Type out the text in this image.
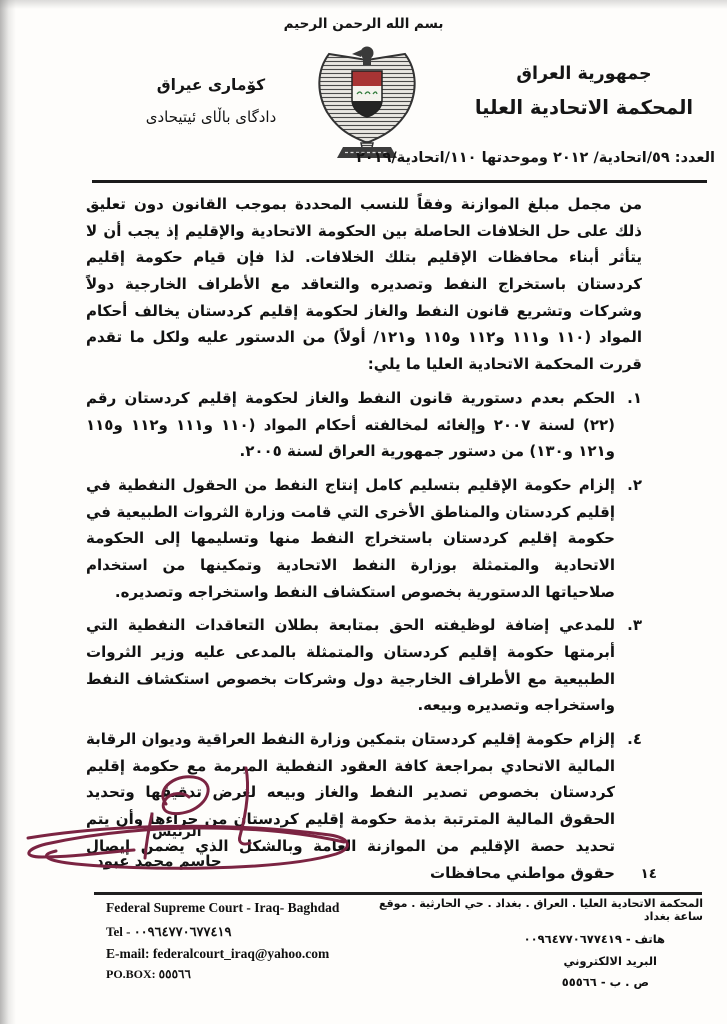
بسم الله الرحمن الرحيم
جمهورية العراق
المحكمة الاتحادية العليا
كۆمارى عيراق
دادگاى باڵاى ئيتيحادى
العدد: ٥٩/اتحادية/ ٢٠١٢ وموحدتها ١١٠/اتحادية/٢٠١٩
من مجمل مبلغ الموازنة وفقاً للنسب المحددة بموجب القانون دون تعليق ذلك على حل الخلافات الحاصلة بين الحكومة الاتحادية والإقليم إذ يجب أن لا يتأثر أبناء محافظات الإقليم بتلك الخلافات. لذا فإن قيام حكومة إقليم كردستان باستخراج النفط وتصديره والتعاقد مع الأطراف الخارجية دولاً وشركات وتشريع قانون النفط والغاز لحكومة إقليم كردستان يخالف أحكام المواد (١١٠ و١١١ و١١٢ و١١٥ و١٢١/ أولاً) من الدستور عليه ولكل ما تقدم قررت المحكمة الاتحادية العليا ما يلي:
١.
الحكم بعدم دستورية قانون النفط والغاز لحكومة إقليم كردستان رقم (٢٢) لسنة ٢٠٠٧ وإلغائه لمخالفته أحكام المواد (١١٠ و١١١ و١١٢ و١١٥ و١٢١ و١٣٠) من دستور جمهورية العراق لسنة ٢٠٠٥.
٢.
إلزام حكومة الإقليم بتسليم كامل إنتاج النفط من الحقول النفطية في إقليم كردستان والمناطق الأخرى التي قامت وزارة الثروات الطبيعية في حكومة إقليم كردستان باستخراج النفط منها وتسليمها إلى الحكومة الاتحادية والمتمثلة بوزارة النفط الاتحادية وتمكينها من استخدام صلاحياتها الدستورية بخصوص استكشاف النفط واستخراجه وتصديره.
٣.
للمدعي إضافة لوظيفته الحق بمتابعة بطلان التعاقدات النفطية التي أبرمتها حكومة إقليم كردستان والمتمثلة بالمدعى عليه وزير الثروات الطبيعية مع الأطراف الخارجية دول وشركات بخصوص استكشاف النفط واستخراجه وتصديره وبيعه.
٤.
إلزام حكومة إقليم كردستان بتمكين وزارة النفط العراقية وديوان الرقابة المالية الاتحادي بمراجعة كافة العقود النفطية المبرمة مع حكومة إقليم كردستان بخصوص تصدير النفط والغاز وبيعه لغرض تدقيقها وتحديد الحقوق المالية المترتبة بذمة حكومة إقليم كردستان من جراءها وأن يتم تحديد حصة الإقليم من الموازنة العامة وبالشكل الذي يضمن إيصال حقوق مواطني محافظات
الرئيس
جاسم محمد عبود
١٤
Federal Supreme Court - Iraq- Baghdad
Tel - ٠٠٩٦٤٧٧٠٦٧٧٤١٩
E-mail: federalcourt_iraq@yahoo.com
PO.BOX: ٥٥٥٦٦
المحكمة الاتحادية العليا . العراق . بغداد . حي الحارثية . موقع ساعة بغداد
هاتف - ٠٠٩٦٤٧٧٠٦٧٧٤١٩
البريد الالكتروني
ص . ب - ٥٥٥٦٦
